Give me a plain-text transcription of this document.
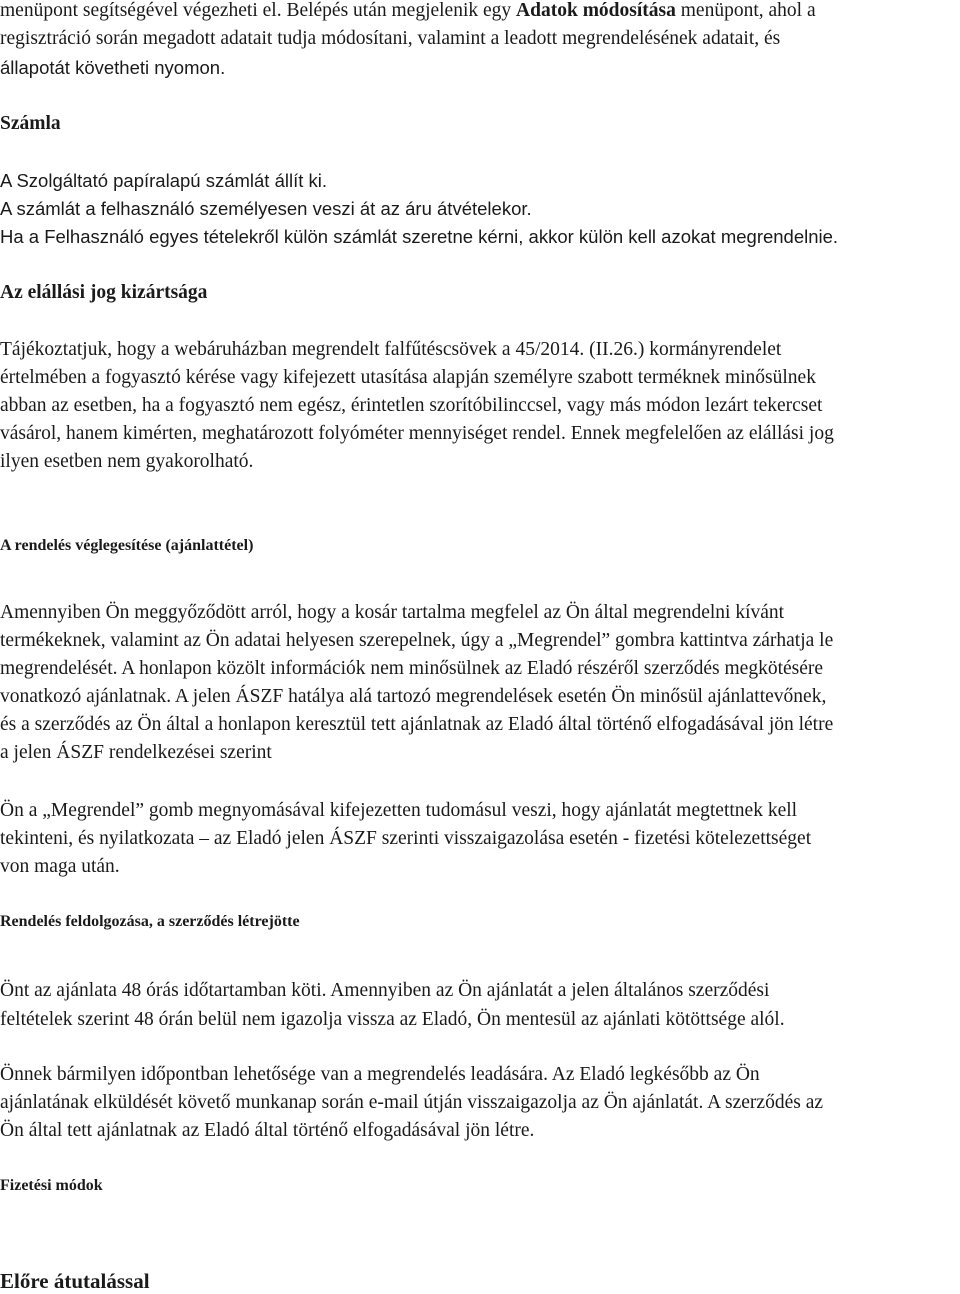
menüpont segítségével végezheti el. Belépés után megjelenik egy Adatok módosítása menüpont, ahol a

regisztráció során megadott adatait tudja módosítani, valamint a leadott megrendelésének adatait, és

állapotát követheti nyomon.

Számla

A Szolgáltató papíralapú számlát állít ki.

A számlát a felhasználó személyesen veszi át az áru átvételekor.

Ha a Felhasználó egyes tételekről külön számlát szeretne kérni, akkor külön kell azokat megrendelnie.

Az elállási jog kizártsága

Tájékoztatjuk, hogy a webáruházban megrendelt falfűtéscsövek a 45/2014. (II.26.) kormányrendelet

értelmében a fogyasztó kérése vagy kifejezett utasítása alapján személyre szabott terméknek minősülnek

abban az esetben, ha a fogyasztó nem egész, érintetlen szorítóbilinccsel, vagy más módon lezárt tekercset

vásárol, hanem kimérten, meghatározott folyóméter mennyiséget rendel. Ennek megfelelően az elállási jog

ilyen esetben nem gyakorolható.

A rendelés véglegesítése (ajánlattétel)

Amennyiben Ön meggyőződött arról, hogy a kosár tartalma megfelel az Ön által megrendelni kívánt

termékeknek, valamint az Ön adatai helyesen szerepelnek, úgy a „Megrendel” gombra kattintva zárhatja le

megrendelését. A honlapon közölt információk nem minősülnek az Eladó részéről szerződés megkötésére

vonatkozó ajánlatnak. A jelen ÁSZF hatálya alá tartozó megrendelések esetén Ön minősül ajánlattevőnek,

és a szerződés az Ön által a honlapon keresztül tett ajánlatnak az Eladó által történő elfogadásával jön létre

a jelen ÁSZF rendelkezései szerint

Ön a „Megrendel” gomb megnyomásával kifejezetten tudomásul veszi, hogy ajánlatát megtettnek kell

tekinteni, és nyilatkozata – az Eladó jelen ÁSZF szerinti visszaigazolása esetén - fizetési kötelezettséget

von maga után.

Rendelés feldolgozása, a szerződés létrejötte

Önt az ajánlata 48 órás időtartamban köti. Amennyiben az Ön ajánlatát a jelen általános szerződési

feltételek szerint 48 órán belül nem igazolja vissza az Eladó, Ön mentesül az ajánlati kötöttsége alól.

Önnek bármilyen időpontban lehetősége van a megrendelés leadására. Az Eladó legkésőbb az Ön

ajánlatának elküldését követő munkanap során e-mail útján visszaigazolja az Ön ajánlatát. A szerződés az

Ön által tett ajánlatnak az Eladó által történő elfogadásával jön létre.

Fizetési módok

Előre átutalással
